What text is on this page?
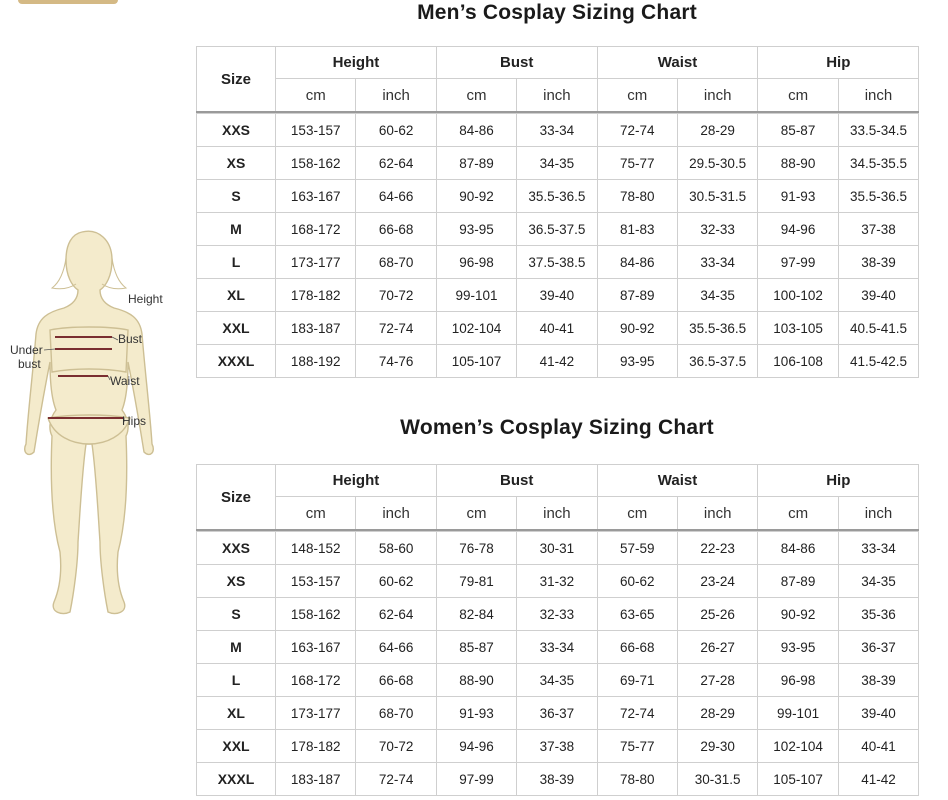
Men’s Cosplay Sizing Chart
Size	Height		Bust		Waist		Hip	
	cm	inch	cm	inch	cm	inch	cm	inch

XXS	153-157	60-62	84-86	33-34	72-74	28-29	85-87	33.5-34.5
XS	158-162	62-64	87-89	34-35	75-77	29.5-30.5	88-90	34.5-35.5
S	163-167	64-66	90-92	35.5-36.5	78-80	30.5-31.5	91-93	35.5-36.5
M	168-172	66-68	93-95	36.5-37.5	81-83	32-33	94-96	37-38
L	173-177	68-70	96-98	37.5-38.5	84-86	33-34	97-99	38-39
XL	178-182	70-72	99-101	39-40	87-89	34-35	100-102	39-40
XXL	183-187	72-74	102-104	40-41	90-92	35.5-36.5	103-105	40.5-41.5
XXXL	188-192	74-76	105-107	41-42	93-95	36.5-37.5	106-108	41.5-42.5
Women’s Cosplay Sizing Chart
Size	Height		Bust		Waist		Hip	
	cm	inch	cm	inch	cm	inch	cm	inch

XXS	148-152	58-60	76-78	30-31	57-59	22-23	84-86	33-34
XS	153-157	60-62	79-81	31-32	60-62	23-24	87-89	34-35
S	158-162	62-64	82-84	32-33	63-65	25-26	90-92	35-36
M	163-167	64-66	85-87	33-34	66-68	26-27	93-95	36-37
L	168-172	66-68	88-90	34-35	69-71	27-28	96-98	38-39
XL	173-177	68-70	91-93	36-37	72-74	28-29	99-101	39-40
XXL	178-182	70-72	94-96	37-38	75-77	29-30	102-104	40-41
XXXL	183-187	72-74	97-99	38-39	78-80	30-31.5	105-107	41-42
Height
Bust
Under
bust
Waist
Hips
